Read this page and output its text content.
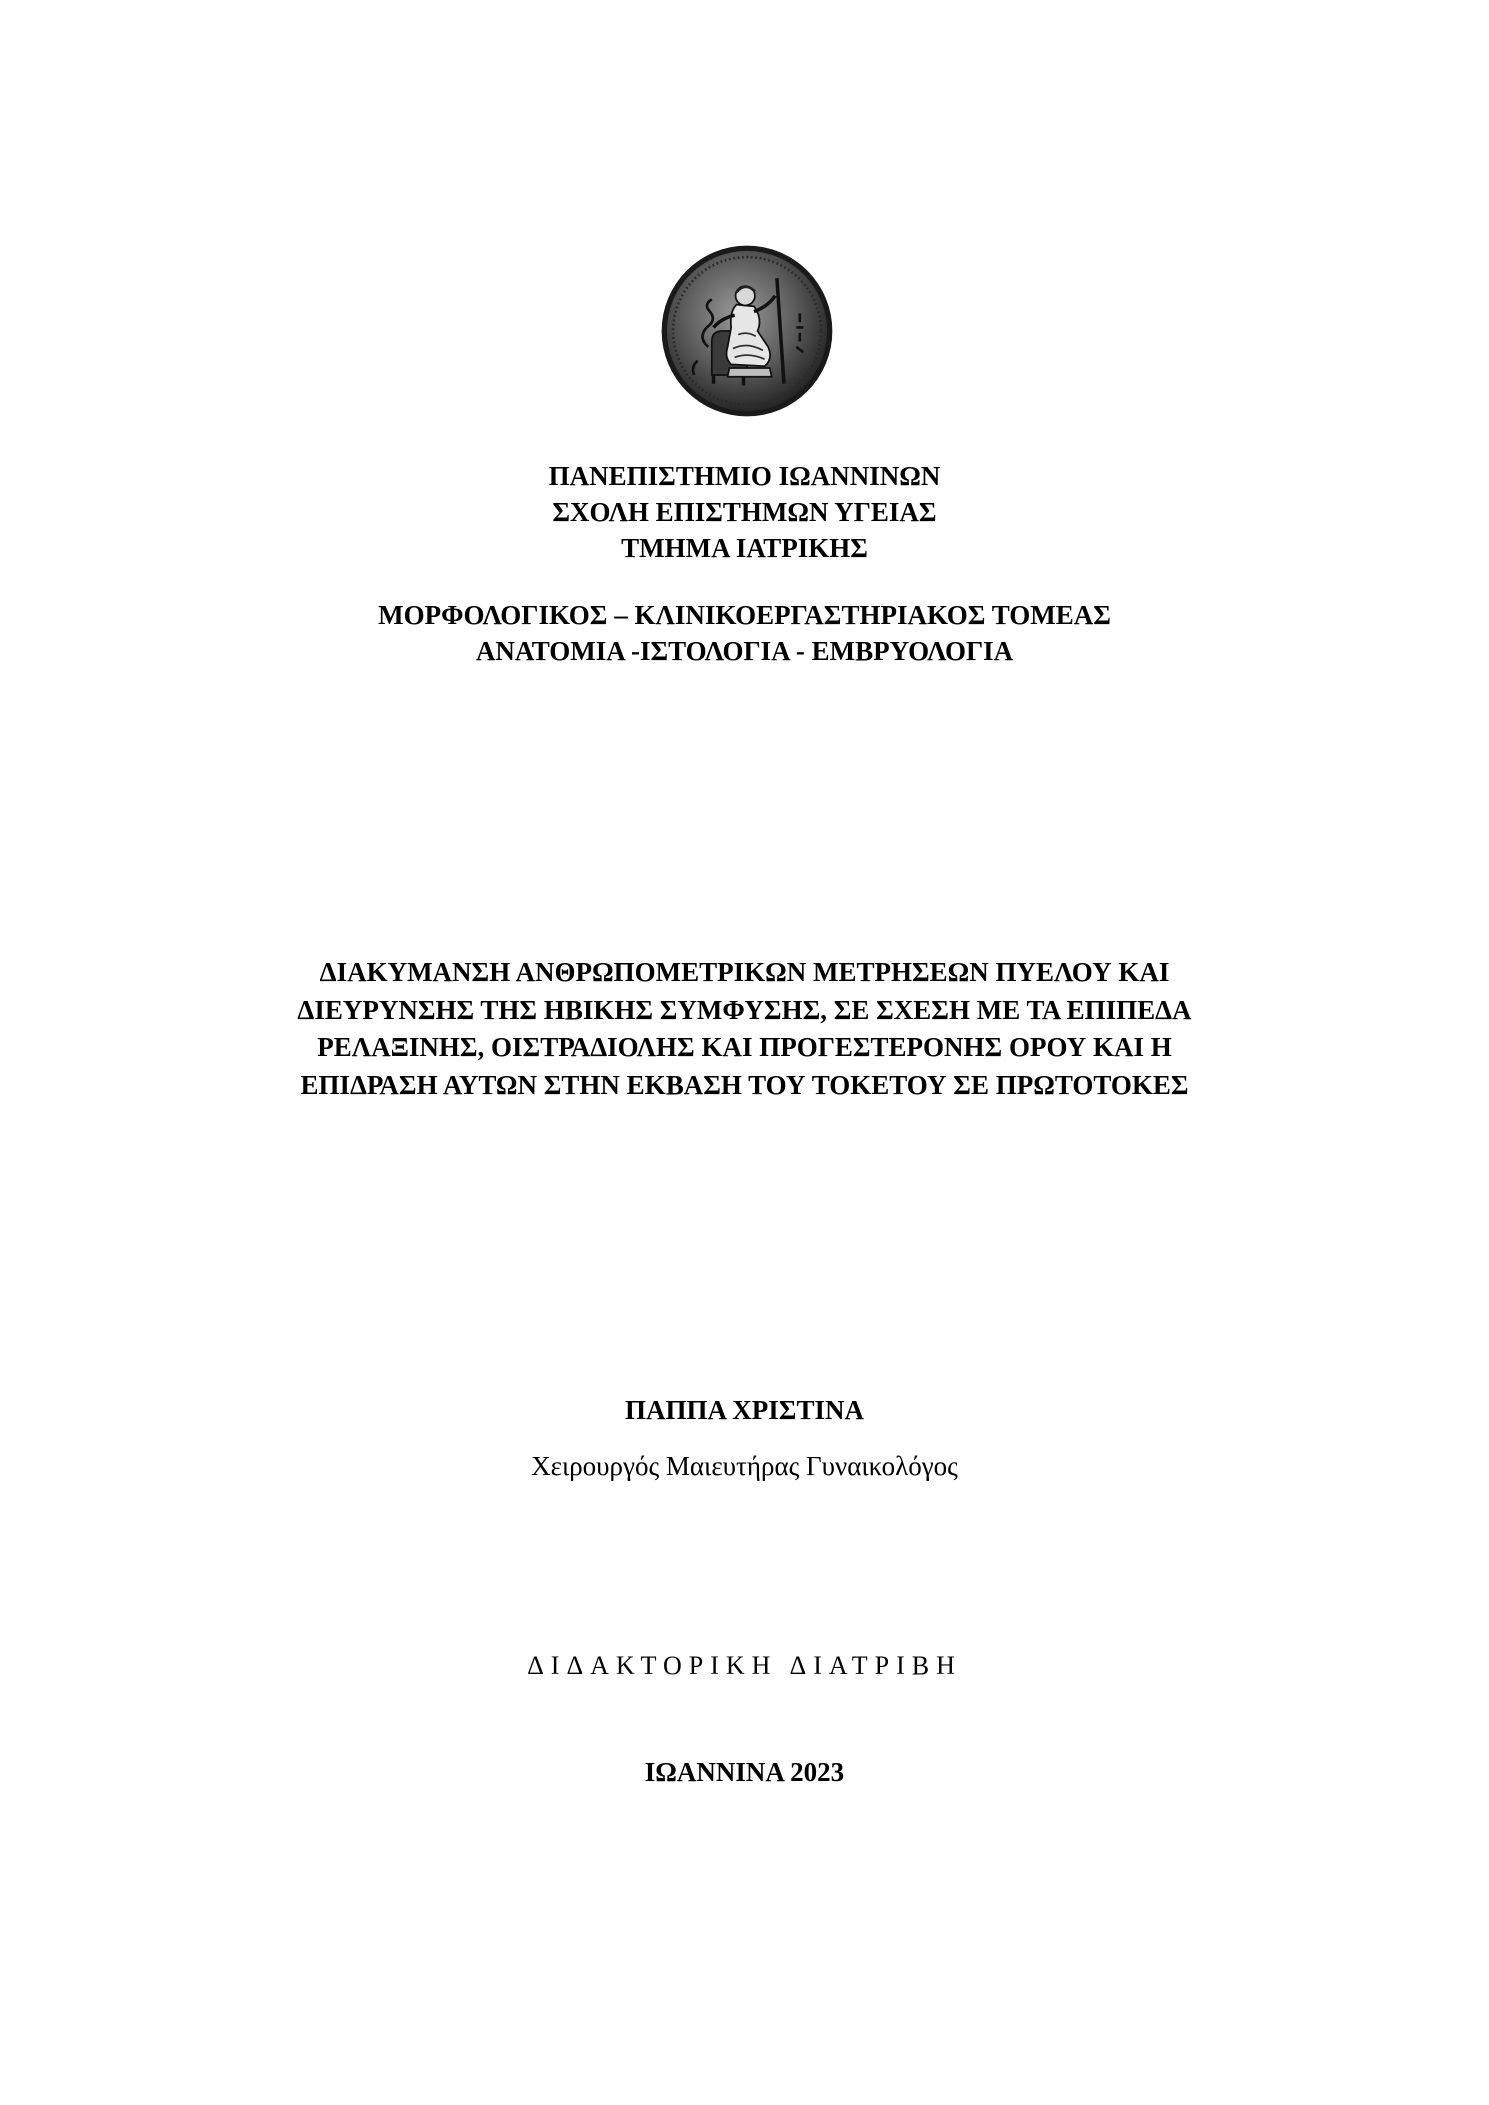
ΠΑΝΕΠΙΣΤΗΜΙΟ ΙΩΑΝΝΙΝΩΝ
ΣΧΟΛΗ ΕΠΙΣΤΗΜΩΝ ΥΓΕΙΑΣ
ΤΜΗΜΑ ΙΑΤΡΙΚΗΣ
ΜΟΡΦΟΛΟΓΙΚΟΣ – ΚΛΙΝΙΚΟΕΡΓΑΣΤΗΡΙΑΚΟΣ ΤΟΜΕΑΣ
ΑΝΑΤΟΜΙΑ -ΙΣΤΟΛΟΓΙΑ - ΕΜΒΡΥΟΛΟΓΙΑ
ΔΙΑΚΥΜΑΝΣΗ ΑΝΘΡΩΠΟΜΕΤΡΙΚΩΝ ΜΕΤΡΗΣΕΩΝ ΠΥΕΛΟΥ ΚΑΙ
ΔΙΕΥΡΥΝΣΗΣ ΤΗΣ ΗΒΙΚΗΣ ΣΥΜΦΥΣΗΣ, ΣΕ ΣΧΕΣΗ ΜΕ ΤΑ ΕΠΙΠΕΔΑ
ΡΕΛΑΞΙΝΗΣ, ΟΙΣΤΡΑΔΙΟΛΗΣ ΚΑΙ ΠΡΟΓΕΣΤΕΡΟΝΗΣ ΟΡΟΥ ΚΑΙ Η
ΕΠΙΔΡΑΣΗ ΑΥΤΩΝ ΣΤΗΝ ΕΚΒΑΣΗ ΤΟΥ ΤΟΚΕΤΟΥ ΣΕ ΠΡΩΤΟΤΟΚΕΣ
ΠΑΠΠΑ ΧΡΙΣΤΙΝΑ
Χειρουργός Μαιευτήρας Γυναικολόγος
ΔΙΔΑΚΤΟΡΙΚΗ ΔΙΑΤΡΙΒΗ
ΙΩΑΝΝΙΝΑ 2023
